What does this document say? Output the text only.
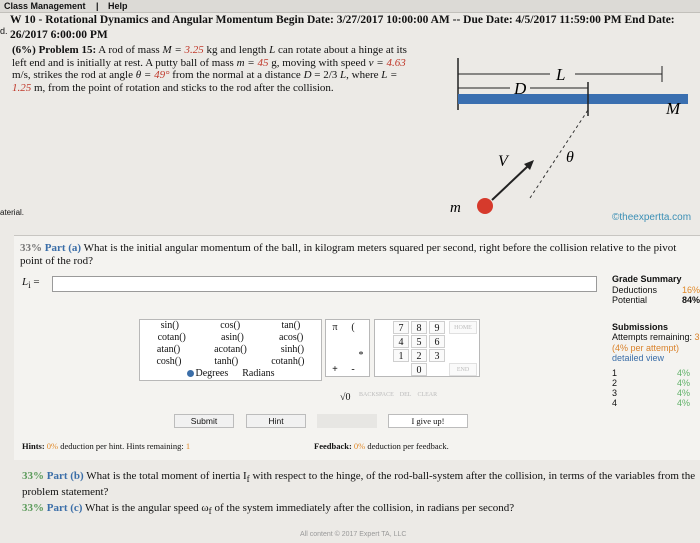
Class Management | Help
d.
W 10 - Rotational Dynamics and Angular Momentum Begin Date: 3/27/2017 10:00:00 AM -- Due Date: 4/5/2017 11:59:00 PM End Date:
26/2017 6:00:00 PM
(6%) Problem 15: A rod of mass M = 3.25 kg and length L can rotate about a hinge at its left end and is initially at rest. A putty ball of mass m = 45 g, moving with speed v = 4.63 m/s, strikes the rod at angle θ = 49° from the normal at a distance D = 2/3 L, where L = 1.25 m, from the point of rotation and sticks to the rod after the collision.
L
D
M
V	θ
m
aterial.	©theexpertta.com
33% Part (a) What is the initial angular momentum of the ball, in kilogram meters squared per second, right before the collision relative to the pivot point of the rod?
$L_i$ =	Grade Summary
Deductions	16%
Potential	84%
Submissions
Attempts remaining: 3
(4% per attempt)
detailed view
1	4%
2	4%
3	4%
4	4%
sin()	cos()	tan()
cotan()	asin()	acos()
atan()	acotan()	sinh()
cosh()	tanh()	cotanh()
Degrees Radians
π	(
*
+	-
√0
7	8	9	HOME
4	5	6
1	2	3
0	END
BACKSPACE DEL CLEAR
Submit	Hint	I give up!
Hints: 0% deduction per hint. Hints remaining: 1	Feedback: 0% deduction per feedback.
33% Part (b) What is the total moment of inertia $I_f$ with respect to the hinge, of the rod-ball-system after the collision, in terms of the variables from the problem statement?
33% Part (c) What is the angular speed $\omega_f$ of the system immediately after the collision, in radians per second?
All content © 2017 Expert TA, LLC
